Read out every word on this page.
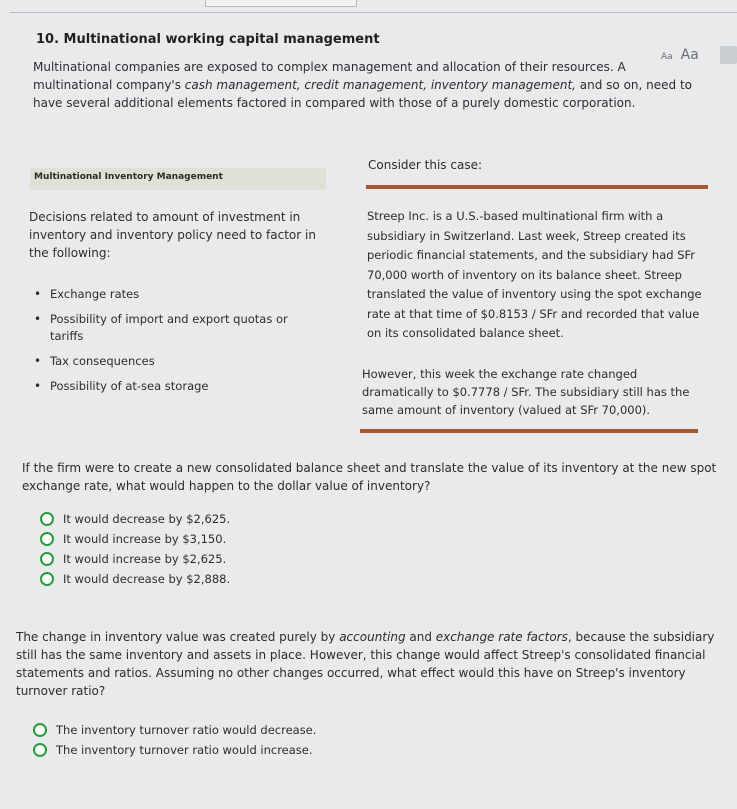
10. Multinational working capital management
Aa Aa
Multinational companies are exposed to complex management and allocation of their resources. A multinational company's cash management, credit management, inventory management, and so on, need to have several additional elements factored in compared with those of a purely domestic corporation.
Multinational Inventory Management
Decisions related to amount of investment in inventory and inventory policy need to factor in the following:
• Exchange rates
• Possibility of import and export quotas or tariffs
• Tax consequences
• Possibility of at-sea storage
Consider this case:
Streep Inc. is a U.S.-based multinational firm with a subsidiary in Switzerland. Last week, Streep created its periodic financial statements, and the subsidiary had SFr 70,000 worth of inventory on its balance sheet. Streep translated the value of inventory using the spot exchange rate at that time of $0.8153 / SFr and recorded that value on its consolidated balance sheet.
However, this week the exchange rate changed dramatically to $0.7778 / SFr. The subsidiary still has the same amount of inventory (valued at SFr 70,000).
If the firm were to create a new consolidated balance sheet and translate the value of its inventory at the new spot exchange rate, what would happen to the dollar value of inventory?
It would decrease by $2,625.
It would increase by $3,150.
It would increase by $2,625.
It would decrease by $2,888.
The change in inventory value was created purely by accounting and exchange rate factors, because the subsidiary still has the same inventory and assets in place. However, this change would affect Streep's consolidated financial statements and ratios. Assuming no other changes occurred, what effect would this have on Streep's inventory turnover ratio?
The inventory turnover ratio would decrease.
The inventory turnover ratio would increase.
